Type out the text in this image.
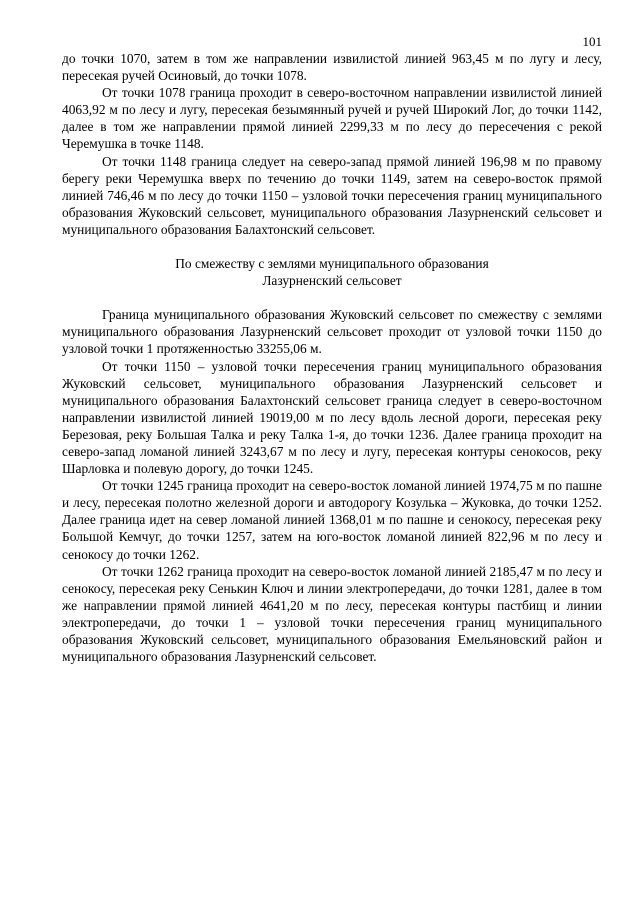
101

до точки 1070, затем в том же направлении извилистой линией 963,45 м по лугу и лесу, пересекая ручей Осиновый, до точки 1078.

От точки 1078 граница проходит в северо-восточном направлении извилистой линией 4063,92 м по лесу и лугу, пересекая безымянный ручей и ручей Широкий Лог, до точки 1142, далее в том же направлении прямой линией 2299,33 м по лесу до пересечения с рекой Черемушка в точке 1148.

От точки 1148 граница следует на северо-запад прямой линией 196,98 м по правому берегу реки Черемушка вверх по течению до точки 1149, затем на северо-восток прямой линией 746,46 м по лесу до точки 1150 – узловой точки пересечения границ муниципального образования Жуковский сельсовет, муниципального образования Лазурненский сельсовет и муниципального образования Балахтонский сельсовет.

По смежеству с землями муниципального образования
Лазурненский сельсовет

Граница муниципального образования Жуковский сельсовет по смежеству с землями муниципального образования Лазурненский сельсовет проходит от узловой точки 1150 до узловой точки 1 протяженностью 33255,06 м.

От точки 1150 – узловой точки пересечения границ муниципального образования Жуковский сельсовет, муниципального образования Лазурненский сельсовет и муниципального образования Балахтонский сельсовет граница следует в северо-восточном направлении извилистой линией 19019,00 м по лесу вдоль лесной дороги, пересекая реку Березовая, реку Большая Талка и реку Талка 1-я, до точки 1236. Далее граница проходит на северо-запад ломаной линией 3243,67 м по лесу и лугу, пересекая контуры сенокосов, реку Шарловка и полевую дорогу, до точки 1245.

От точки 1245 граница проходит на северо-восток ломаной линией 1974,75 м по пашне и лесу, пересекая полотно железной дороги и автодорогу Козулька – Жуковка, до точки 1252. Далее граница идет на север ломаной линией 1368,01 м по пашне и сенокосу, пересекая реку Большой Кемчуг, до точки 1257, затем на юго-восток ломаной линией 822,96 м по лесу и сенокосу до точки 1262.

От точки 1262 граница проходит на северо-восток ломаной линией 2185,47 м по лесу и сенокосу, пересекая реку Сенькин Ключ и линии электропередачи, до точки 1281, далее в том же направлении прямой линией 4641,20 м по лесу, пересекая контуры пастбищ и линии электропередачи, до точки 1 – узловой точки пересечения границ муниципального образования Жуковский сельсовет, муниципального образования Емельяновский район и муниципального образования Лазурненский сельсовет.
